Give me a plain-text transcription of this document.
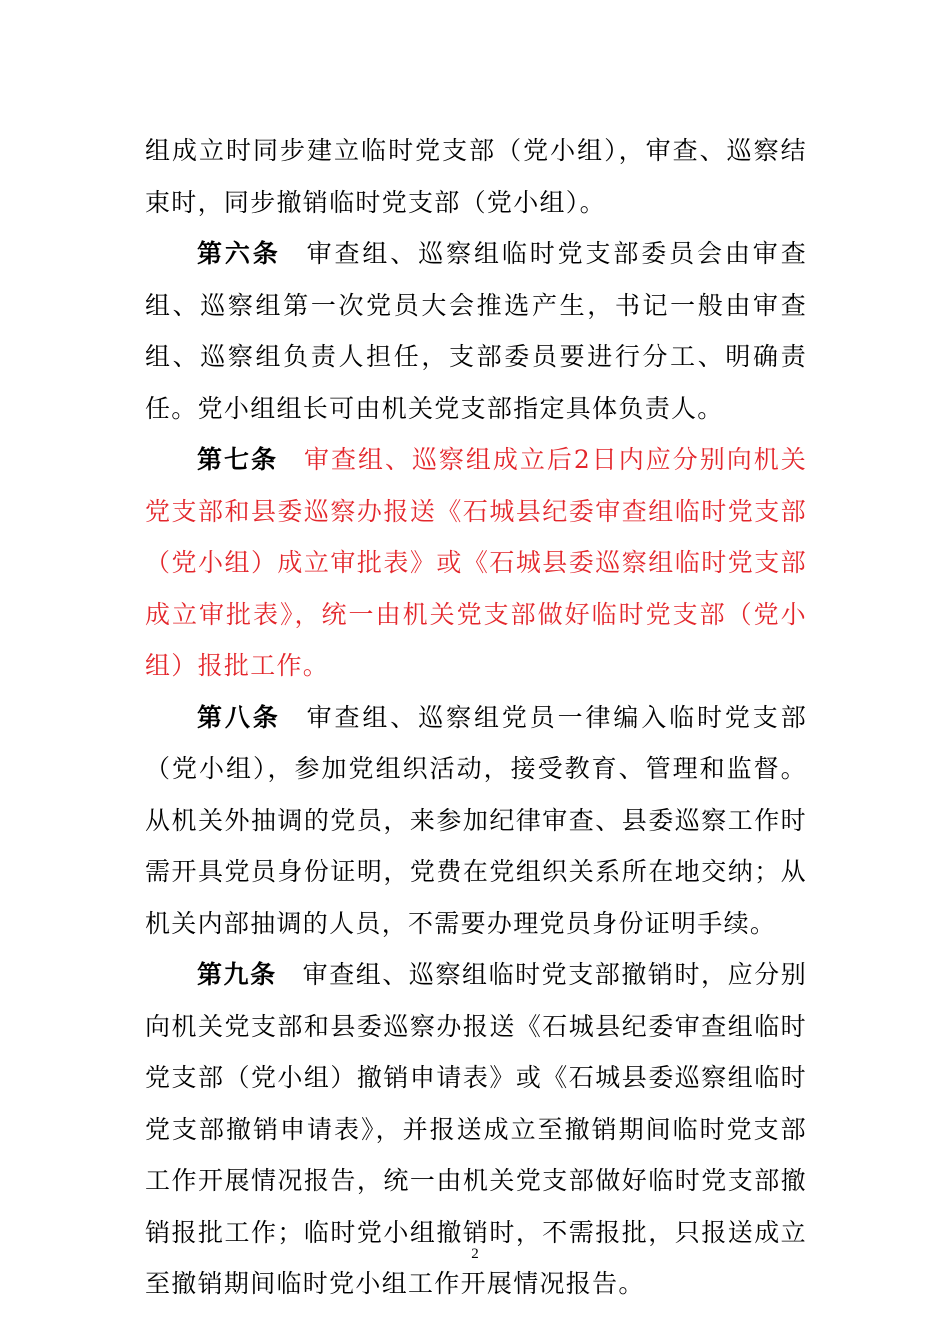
组成立时同步建立临时党支部（党小组），审查、巡察结束时，同步撤销临时党支部（党小组）。

第六条 审查组、巡察组临时党支部委员会由审查组、巡察组第一次党员大会推选产生，书记一般由审查组、巡察组负责人担任，支部委员要进行分工、明确责任。党小组组长可由机关党支部指定具体负责人。

第七条 审查组、巡察组成立后2日内应分别向机关党支部和县委巡察办报送《石城县纪委审查组临时党支部（党小组）成立审批表》或《石城县委巡察组临时党支部成立审批表》，统一由机关党支部做好临时党支部（党小组）报批工作。

第八条 审查组、巡察组党员一律编入临时党支部（党小组），参加党组织活动，接受教育、管理和监督。从机关外抽调的党员，来参加纪律审查、县委巡察工作时需开具党员身份证明，党费在党组织关系所在地交纳；从机关内部抽调的人员，不需要办理党员身份证明手续。

第九条 审查组、巡察组临时党支部撤销时，应分别向机关党支部和县委巡察办报送《石城县纪委审查组临时党支部（党小组）撤销申请表》或《石城县委巡察组临时党支部撤销申请表》，并报送成立至撤销期间临时党支部工作开展情况报告，统一由机关党支部做好临时党支部撤销报批工作；临时党小组撤销时，不需报批，只报送成立至撤销期间临时党小组工作开展情况报告。

2
